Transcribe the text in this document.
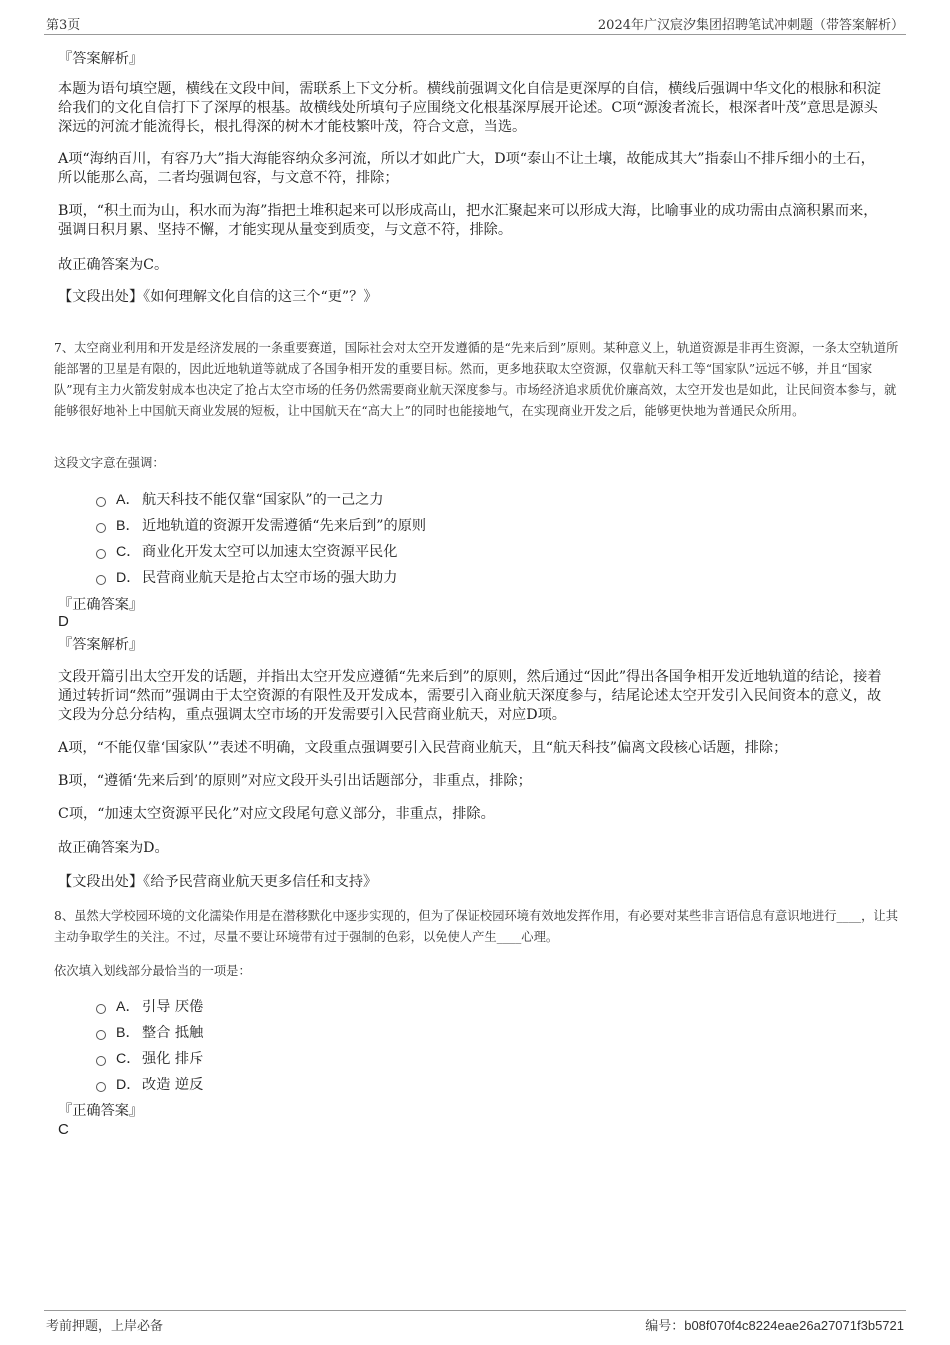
第3页	2024年广汉宸汐集团招聘笔试冲刺题（带答案解析）
『答案解析』
本题为语句填空题，横线在文段中间，需联系上下文分析。横线前强调文化自信是更深厚的自信，横线后强调中华文化的根脉和积淀给我们的文化自信打下了深厚的根基。故横线处所填句子应围绕文化根基深厚展开论述。C项“源浚者流长，根深者叶茂”意思是源头深远的河流才能流得长，根扎得深的树木才能枝繁叶茂，符合文意，当选。
A项“海纳百川，有容乃大”指大海能容纳众多河流，所以才如此广大，D项“泰山不让土壤，故能成其大”指泰山不排斥细小的土石，所以能那么高，二者均强调包容，与文意不符，排除；
B项，“积土而为山，积水而为海”指把土堆积起来可以形成高山，把水汇聚起来可以形成大海，比喻事业的成功需由点滴积累而来，强调日积月累、坚持不懈，才能实现从量变到质变，与文意不符，排除。
故正确答案为C。
【文段出处】《如何理解文化自信的这三个“更”？》
7、太空商业利用和开发是经济发展的一条重要赛道，国际社会对太空开发遵循的是“先来后到”原则。某种意义上，轨道资源是非再生资源，一条太空轨道所能部署的卫星是有限的，因此近地轨道等就成了各国争相开发的重要目标。然而，更多地获取太空资源，仅靠航天科工等“国家队”远远不够，并且“国家队”现有主力火箭发射成本也决定了抢占太空市场的任务仍然需要商业航天深度参与。市场经济追求质优价廉高效，太空开发也是如此，让民间资本参与，就能够很好地补上中国航天商业发展的短板，让中国航天在“高大上”的同时也能接地气，在实现商业开发之后，能够更快地为普通民众所用。
这段文字意在强调：
A． 航天科技不能仅靠“国家队”的一己之力
B． 近地轨道的资源开发需遵循“先来后到”的原则
C． 商业化开发太空可以加速太空资源平民化
D． 民营商业航天是抢占太空市场的强大助力
『正确答案』
D
『答案解析』
文段开篇引出太空开发的话题，并指出太空开发应遵循“先来后到”的原则，然后通过“因此”得出各国争相开发近地轨道的结论，接着通过转折词“然而”强调由于太空资源的有限性及开发成本，需要引入商业航天深度参与，结尾论述太空开发引入民间资本的意义，故文段为分总分结构，重点强调太空市场的开发需要引入民营商业航天，对应D项。
A项，“不能仅靠‘国家队’”表述不明确，文段重点强调要引入民营商业航天，且“航天科技”偏离文段核心话题，排除；
B项，“遵循‘先来后到’的原则”对应文段开头引出话题部分，非重点，排除；
C项，“加速太空资源平民化”对应文段尾句意义部分，非重点，排除。
故正确答案为D。
【文段出处】《给予民营商业航天更多信任和支持》
8、虽然大学校园环境的文化濡染作用是在潜移默化中逐步实现的，但为了保证校园环境有效地发挥作用，有必要对某些非言语信息有意识地进行____，让其主动争取学生的关注。不过，尽量不要让环境带有过于强制的色彩，以免使人产生____心理。
依次填入划线部分最恰当的一项是：
A． 引导 厌倦
B． 整合 抵触
C． 强化 排斥
D． 改造 逆反
『正确答案』
C
考前押题，上岸必备	编号：b08f070f4c8224eae26a27071f3b5721
